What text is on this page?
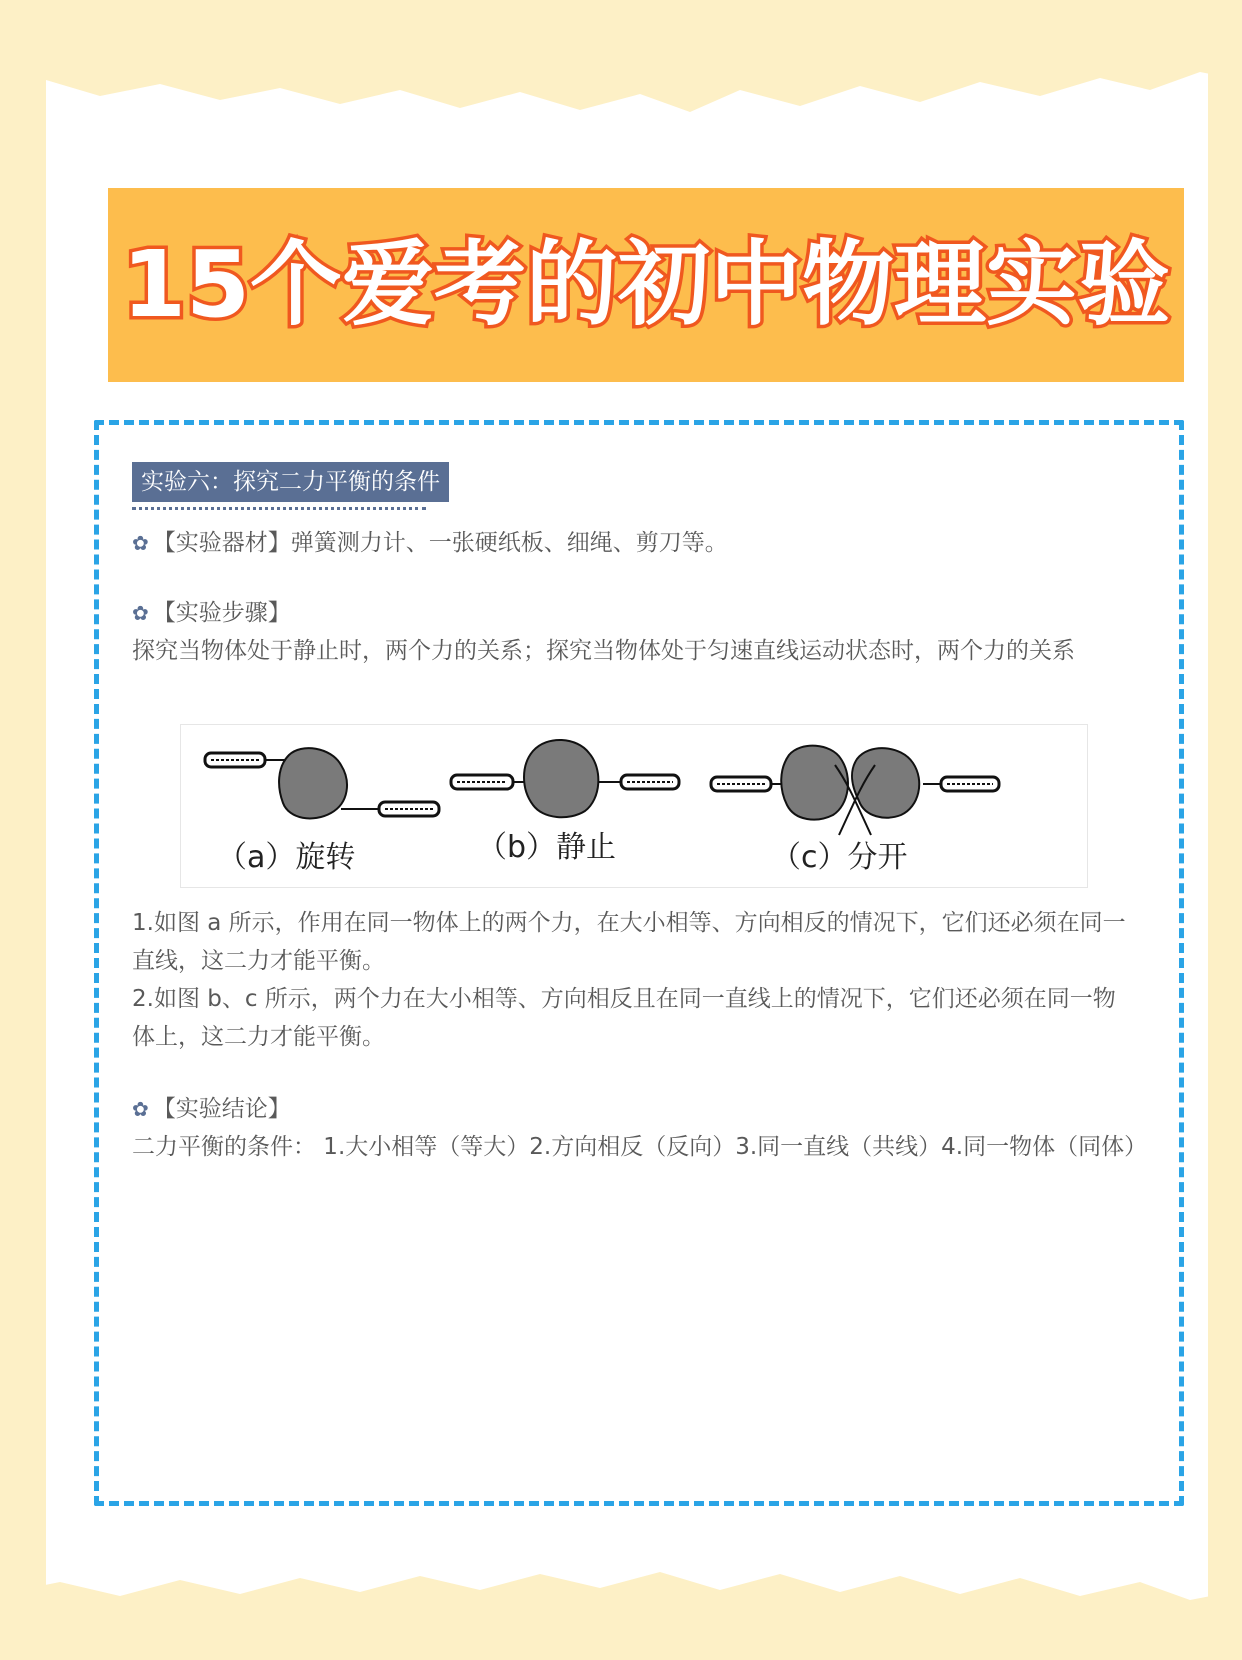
15个爱考的初中物理实验
实验六：探究二力平衡的条件
✿ 【实验器材】弹簧测力计、一张硬纸板、细绳、剪刀等。
✿ 【实验步骤】
探究当物体处于静止时，两个力的关系；探究当物体处于匀速直线运动状态时，两个力的关系
（a）旋转	（b）静止	（c）分开
1.如图 a 所示，作用在同一物体上的两个力，在大小相等、方向相反的情况下，它们还必须在同一直线，这二力才能平衡。
2.如图 b、c 所示，两个力在大小相等、方向相反且在同一直线上的情况下，它们还必须在同一物体上，这二力才能平衡。
✿ 【实验结论】
二力平衡的条件： 1.大小相等（等大）2.方向相反（反向）3.同一直线（共线）4.同一物体（同体）
